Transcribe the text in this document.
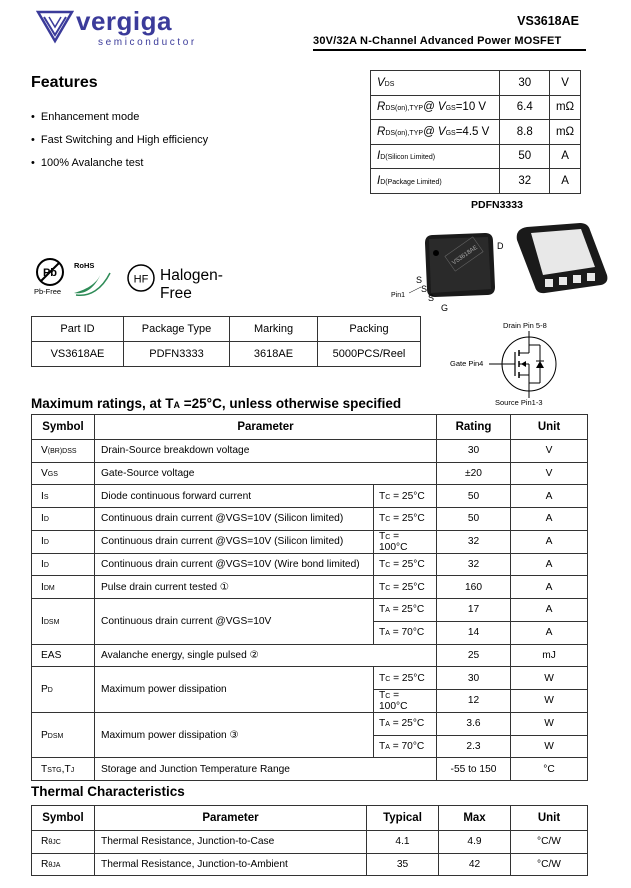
vergiga
semiconductor
VS3618AE
30V/32A N-Channel Advanced Power MOSFET
Features
• Enhancement mode
• Fast Switching and High efficiency
• 100% Avalanche test
VDS	30	V
RDS(on),TYP@ VGS=10 V	6.4	mΩ
RDS(on),TYP@ VGS=4.5 V	8.8	mΩ
ID(Silicon Limited)	50	A
ID(Package Limited)	32	A
PDFN3333
Pb
Pb-Free
RoHS
HF Halogen-Free
VS3618AE
Pin1
S
S
S
G
D
Part ID	Package Type	Marking	Packing
VS3618AE	PDFN3333	3618AE	5000PCS/Reel
Drain Pin 5-8
Gate Pin4
Source Pin1-3
Maximum ratings, at TA =25°C, unless otherwise specified
Symbol	Parameter		Rating	Unit
V(BR)DSS	Drain-Source breakdown voltage		30	V
VGS	Gate-Source voltage		±20	V
IS	Diode continuous forward current	TC = 25°C	50	A
ID	Continuous drain current @VGS=10V (Silicon limited)	TC = 25°C	50	A
ID	Continuous drain current @VGS=10V (Silicon limited)	TC = 100°C	32	A
ID	Continuous drain current @VGS=10V (Wire bond limited)	TC = 25°C	32	A
IDM	Pulse drain current tested ①	TC = 25°C	160	A
IDSM	Continuous drain current @VGS=10V	TA = 25°C	17	A
		TA = 70°C	14	A
EAS	Avalanche energy, single pulsed ②		25	mJ
PD	Maximum power dissipation	TC = 25°C	30	W
		TC = 100°C	12	W
PDSM	Maximum power dissipation ③	TA = 25°C	3.6	W
		TA = 70°C	2.3	W
TSTG,TJ	Storage and Junction Temperature Range		-55 to 150	°C
Thermal Characteristics
Symbol	Parameter	Typical	Max	Unit
RθJC	Thermal Resistance, Junction-to-Case	4.1	4.9	°C/W
RθJA	Thermal Resistance, Junction-to-Ambient	35	42	°C/W
